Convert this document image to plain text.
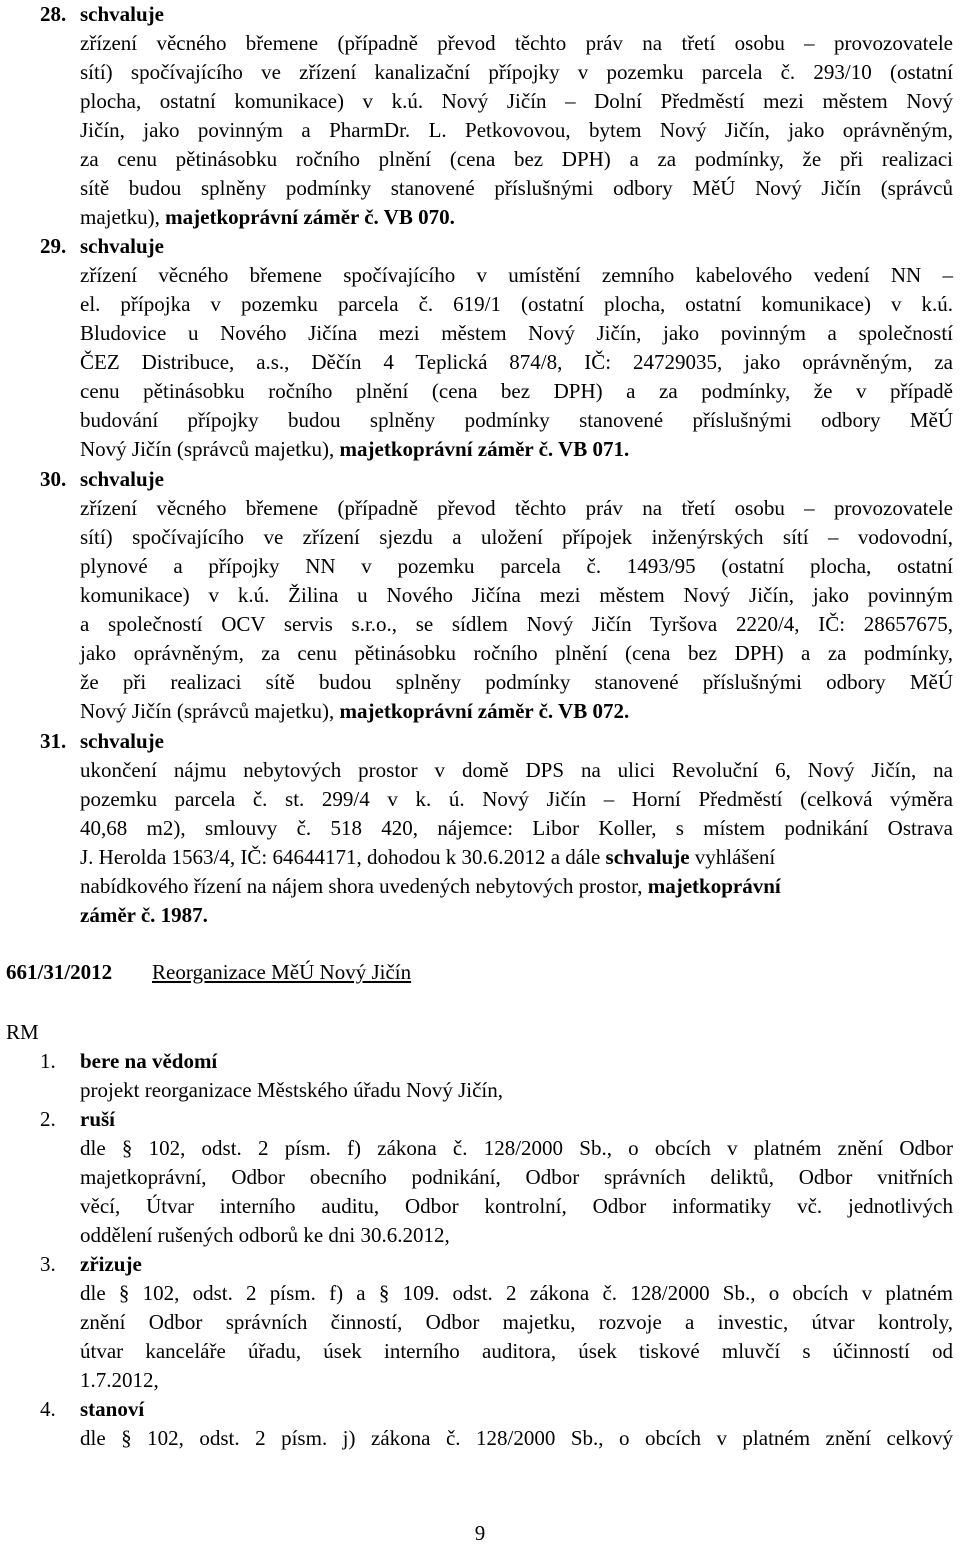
28. schvaluje
zřízení věcného břemene (případně převod těchto práv na třetí osobu – provozovatele
sítí) spočívajícího ve zřízení kanalizační přípojky v pozemku parcela č. 293/10 (ostatní
plocha, ostatní komunikace) v k.ú. Nový Jičín – Dolní Předměstí mezi městem Nový
Jičín, jako povinným a PharmDr. L. Petkovovou, bytem Nový Jičín, jako oprávněným,
za cenu pětinásobku ročního plnění (cena bez DPH) a za podmínky, že při realizaci
sítě budou splněny podmínky stanovené příslušnými odbory MěÚ Nový Jičín (správců
majetku), majetkoprávní záměr č. VB 070.
29. schvaluje
zřízení věcného břemene spočívajícího v umístění zemního kabelového vedení NN –
el. přípojka v pozemku parcela č. 619/1 (ostatní plocha, ostatní komunikace) v k.ú.
Bludovice u Nového Jičína mezi městem Nový Jičín, jako povinným a společností
ČEZ Distribuce, a.s., Děčín 4 Teplická 874/8, IČ: 24729035, jako oprávněným, za
cenu pětinásobku ročního plnění (cena bez DPH) a za podmínky, že v případě
budování přípojky budou splněny podmínky stanovené příslušnými odbory MěÚ
Nový Jičín (správců majetku), majetkoprávní záměr č. VB 071.
30. schvaluje
zřízení věcného břemene (případně převod těchto práv na třetí osobu – provozovatele
sítí) spočívajícího ve zřízení sjezdu a uložení přípojek inženýrských sítí – vodovodní,
plynové a přípojky NN v pozemku parcela č. 1493/95 (ostatní plocha, ostatní
komunikace) v k.ú. Žilina u Nového Jičína mezi městem Nový Jičín, jako povinným
a společností OCV servis s.r.o., se sídlem Nový Jičín Tyršova 2220/4, IČ: 28657675,
jako oprávněným, za cenu pětinásobku ročního plnění (cena bez DPH) a za podmínky,
že při realizaci sítě budou splněny podmínky stanovené příslušnými odbory MěÚ
Nový Jičín (správců majetku), majetkoprávní záměr č. VB 072.
31. schvaluje
ukončení nájmu nebytových prostor v domě DPS na ulici Revoluční 6, Nový Jičín, na
pozemku parcela č. st. 299/4 v k. ú. Nový Jičín – Horní Předměstí (celková výměra
40,68 m2), smlouvy č. 518 420, nájemce: Libor Koller, s místem podnikání Ostrava
J. Herolda 1563/4, IČ: 64644171, dohodou k 30.6.2012 a dále schvaluje vyhlášení
nabídkového řízení na nájem shora uvedených nebytových prostor, majetkoprávní
záměr č. 1987.
661/31/2012 Reorganizace MěÚ Nový Jičín
RM
1. bere na vědomí
projekt reorganizace Městského úřadu Nový Jičín,
2. ruší
dle § 102, odst. 2 písm. f) zákona č. 128/2000 Sb., o obcích v platném znění Odbor
majetkoprávní, Odbor obecního podnikání, Odbor správních deliktů, Odbor vnitřních
věcí, Útvar interního auditu, Odbor kontrolní, Odbor informatiky vč. jednotlivých
oddělení rušených odborů ke dni 30.6.2012,
3. zřizuje
dle § 102, odst. 2 písm. f) a § 109. odst. 2 zákona č. 128/2000 Sb., o obcích v platném
znění Odbor správních činností, Odbor majetku, rozvoje a investic, útvar kontroly,
útvar kanceláře úřadu, úsek interního auditora, úsek tiskové mluvčí s účinností od
1.7.2012,
4. stanoví
dle § 102, odst. 2 písm. j) zákona č. 128/2000 Sb., o obcích v platném znění celkový
9
